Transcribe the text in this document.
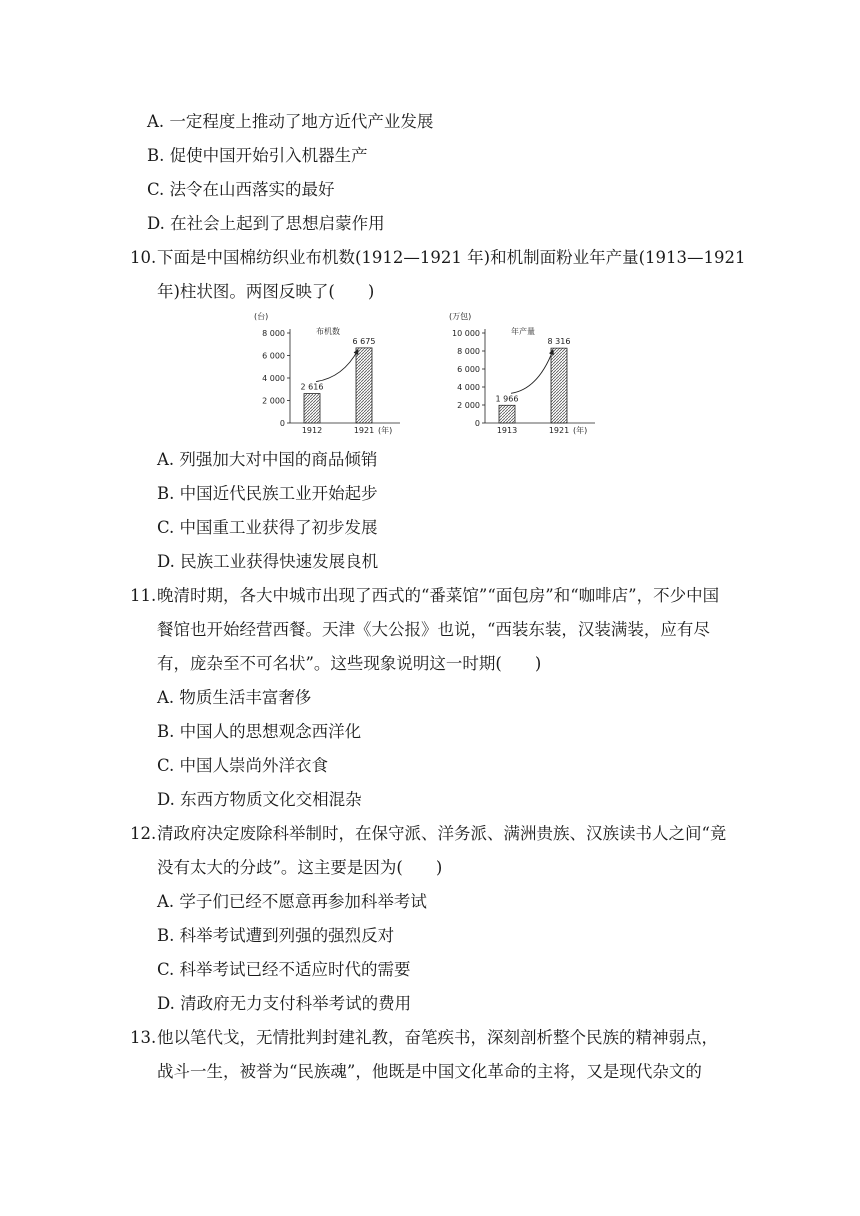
A. 一定程度上推动了地方近代产业发展
B. 促使中国开始引入机器生产
C. 法令在山西落实的最好
D. 在社会上起到了思想启蒙作用
10. 下面是中国棉纺织业布机数(1912—1921 年)和机制面粉业年产量(1913—1921
年)柱状图。两图反映了(　　)
(台)
0
2 000
4 000
6 000
8 000	布机数
2 616
1912
6 675
1921 (年)
(万包)
0
2 000
4 000
6 000
8 000
10 000	年产量
1 966
1913
8 316
1921 (年)
A. 列强加大对中国的商品倾销
B. 中国近代民族工业开始起步
C. 中国重工业获得了初步发展
D. 民族工业获得快速发展良机
11. 晚清时期，各大中城市出现了西式的“番菜馆”“面包房”和“咖啡店”，不少中国
餐馆也开始经营西餐。天津《大公报》也说，“西装东装，汉装满装，应有尽
有，庞杂至不可名状”。这些现象说明这一时期(　　)
A. 物质生活丰富奢侈
B. 中国人的思想观念西洋化
C. 中国人崇尚外洋衣食
D. 东西方物质文化交相混杂
12. 清政府决定废除科举制时，在保守派、洋务派、满洲贵族、汉族读书人之间“竟
没有太大的分歧”。这主要是因为(　　)
A. 学子们已经不愿意再参加科举考试
B. 科举考试遭到列强的强烈反对
C. 科举考试已经不适应时代的需要
D. 清政府无力支付科举考试的费用
13. 他以笔代戈，无情批判封建礼教，奋笔疾书，深刻剖析整个民族的精神弱点，
战斗一生，被誉为“民族魂”，他既是中国文化革命的主将，又是现代杂文的
